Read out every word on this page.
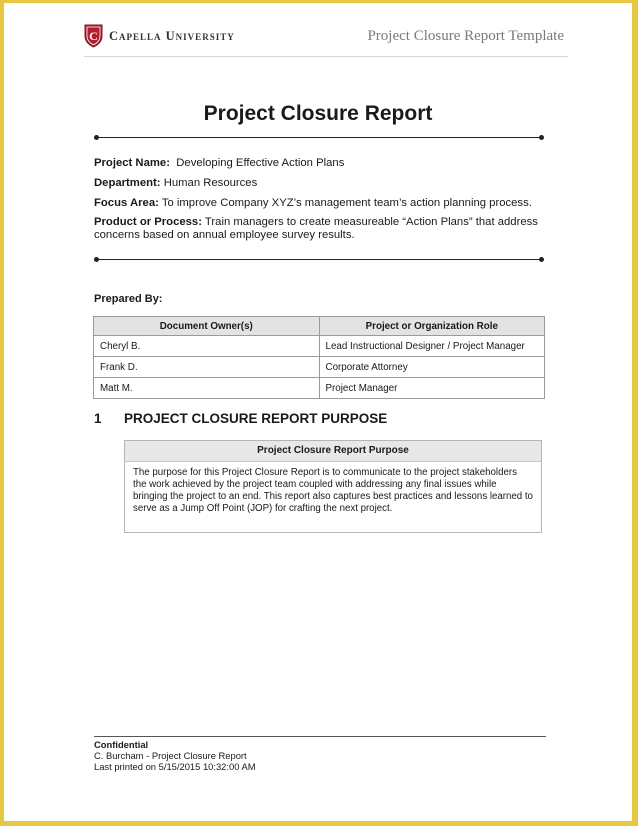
C Capella University	Project Closure Report Template
Project Closure Report
Project Name: Developing Effective Action Plans
Department: Human Resources
Focus Area: To improve Company XYZ’s management team’s action planning process.
Product or Process: Train managers to create measureable “Action Plans” that address concerns based on annual employee survey results.
Prepared By:
Document Owner(s)	Project or Organization Role
Cheryl B.	Lead Instructional Designer / Project Manager
Frank D.	Corporate Attorney
Matt M.	Project Manager
1 PROJECT CLOSURE REPORT PURPOSE
Project Closure Report Purpose
The purpose for this Project Closure Report is to communicate to the project stakeholders the work achieved by the project team coupled with addressing any final issues while bringing the project to an end. This report also captures best practices and lessons learned to serve as a Jump Off Point (JOP) for crafting the next project.
Confidential
C. Burcham - Project Closure Report
Last printed on 5/15/2015 10:32:00 AM
